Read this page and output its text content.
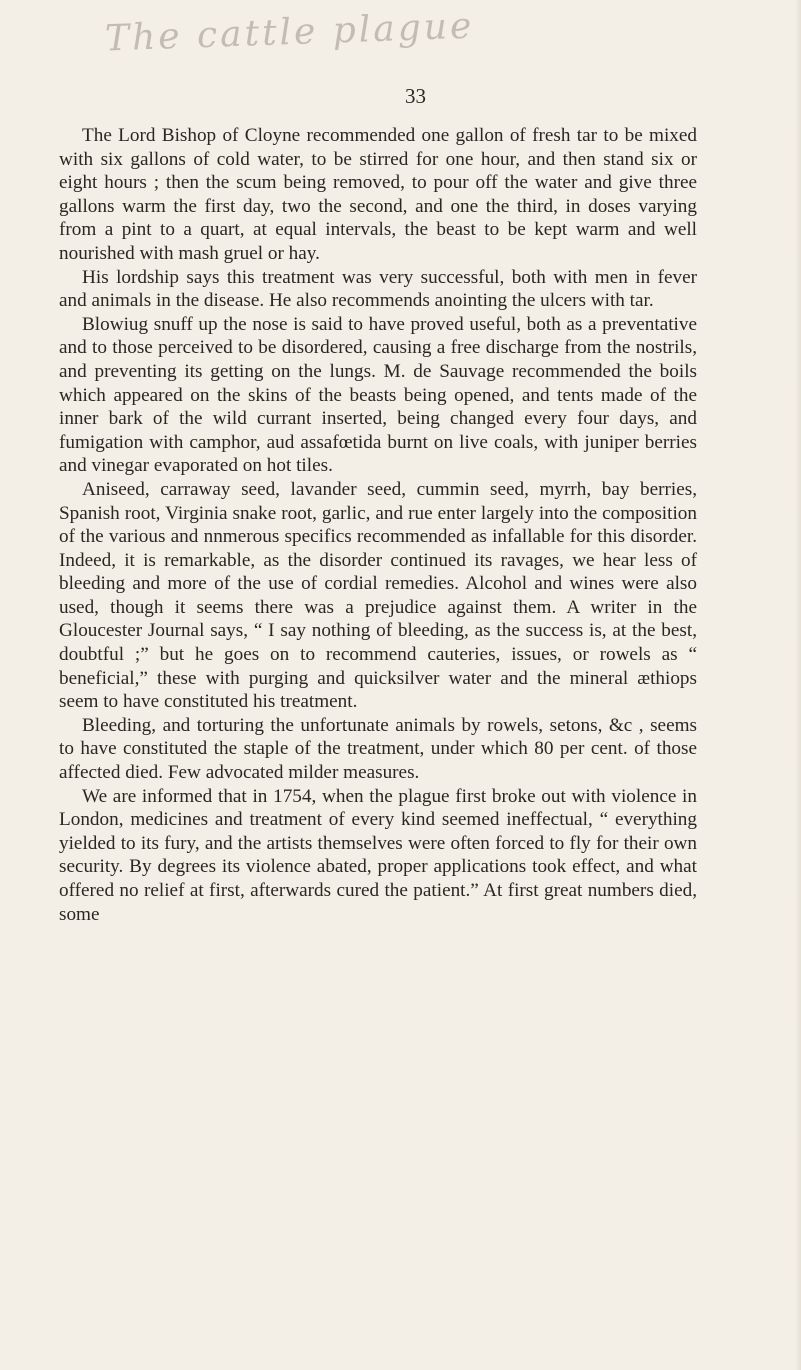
The cattle plague
33

The Lord Bishop of Cloyne recommended one gallon of fresh tar to be mixed with six gallons of cold water, to be stirred for one hour, and then stand six or eight hours ; then the scum being removed, to pour off the water and give three gallons warm the first day, two the second, and one the third, in doses varying from a pint to a quart, at equal intervals, the beast to be kept warm and well nourished with mash gruel or hay.

His lordship says this treatment was very successful, both with men in fever and animals in the disease. He also recommends anointing the ulcers with tar.

Blowiug snuff up the nose is said to have proved useful, both as a preventative and to those perceived to be disordered, causing a free discharge from the nostrils, and preventing its getting on the lungs. M. de Sauvage recommended the boils which appeared on the skins of the beasts being opened, and tents made of the inner bark of the wild currant inserted, being changed every four days, and fumigation with camphor, aud assafœtida burnt on live coals, with juniper berries and vinegar evaporated on hot tiles.

Aniseed, carraway seed, lavander seed, cummin seed, myrrh, bay berries, Spanish root, Virginia snake root, garlic, and rue enter largely into the composition of the various and nnmerous specifics recommended as infallable for this disorder. Indeed, it is remarkable, as the disorder continued its ravages, we hear less of bleeding and more of the use of cordial remedies. Alcohol and wines were also used, though it seems there was a prejudice against them. A writer in the Gloucester Journal says, “ I say nothing of bleeding, as the success is, at the best, doubtful ;” but he goes on to recommend cauteries, issues, or rowels as “ beneficial,” these with purging and quicksilver water and the mineral æthiops seem to have constituted his treatment.

Bleeding, and torturing the unfortunate animals by rowels, setons, &c , seems to have constituted the staple of the treatment, under which 80 per cent. of those affected died. Few advocated milder measures.

We are informed that in 1754, when the plague first broke out with violence in London, medicines and treatment of every kind seemed ineffectual, “ everything yielded to its fury, and the artists themselves were often forced to fly for their own security. By degrees its violence abated, proper applications took effect, and what offered no relief at first, afterwards cured the patient.” At first great numbers died, some
